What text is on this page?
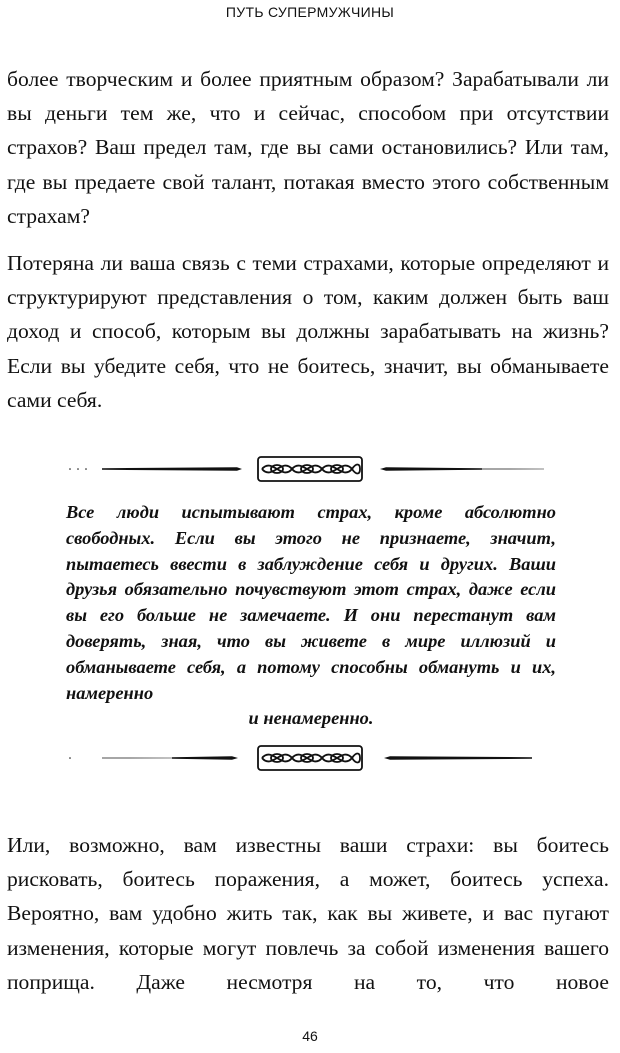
ПУТЬ СУПЕРМУЖЧИНЫ

более творческим и более приятным образом? Зарабатывали ли вы деньги тем же, что и сейчас, способом при отсутствии страхов? Ваш предел там, где вы сами остановились? Или там, где вы предаете свой талант, потакая вместо этого собственным страхам?

Потеряна ли ваша связь с теми страхами, которые определяют и структурируют представления о том, каким должен быть ваш доход и способ, которым вы должны зарабатывать на жизнь? Если вы убедите себя, что не боитесь, значит, вы обманываете сами себя.

Все люди испытывают страх, кроме абсолютно свободных. Если вы этого не признаете, значит, пытаетесь ввести в заблуждение себя и других. Ваши друзья обязательно почувствуют этот страх, даже если вы его больше не замечаете. И они перестанут вам доверять, зная, что вы живете в мире иллюзий и обманываете себя, а потому способны обмануть и их, намеренно
и ненамеренно.

Или, возможно, вам известны ваши страхи: вы боитесь рисковать, боитесь поражения, а может, боитесь успеха. Вероятно, вам удобно жить так, как вы живете, и вас пугают изменения, которые могут повлечь за собой изменения вашего поприща. Даже несмотря на то, что новое

46
